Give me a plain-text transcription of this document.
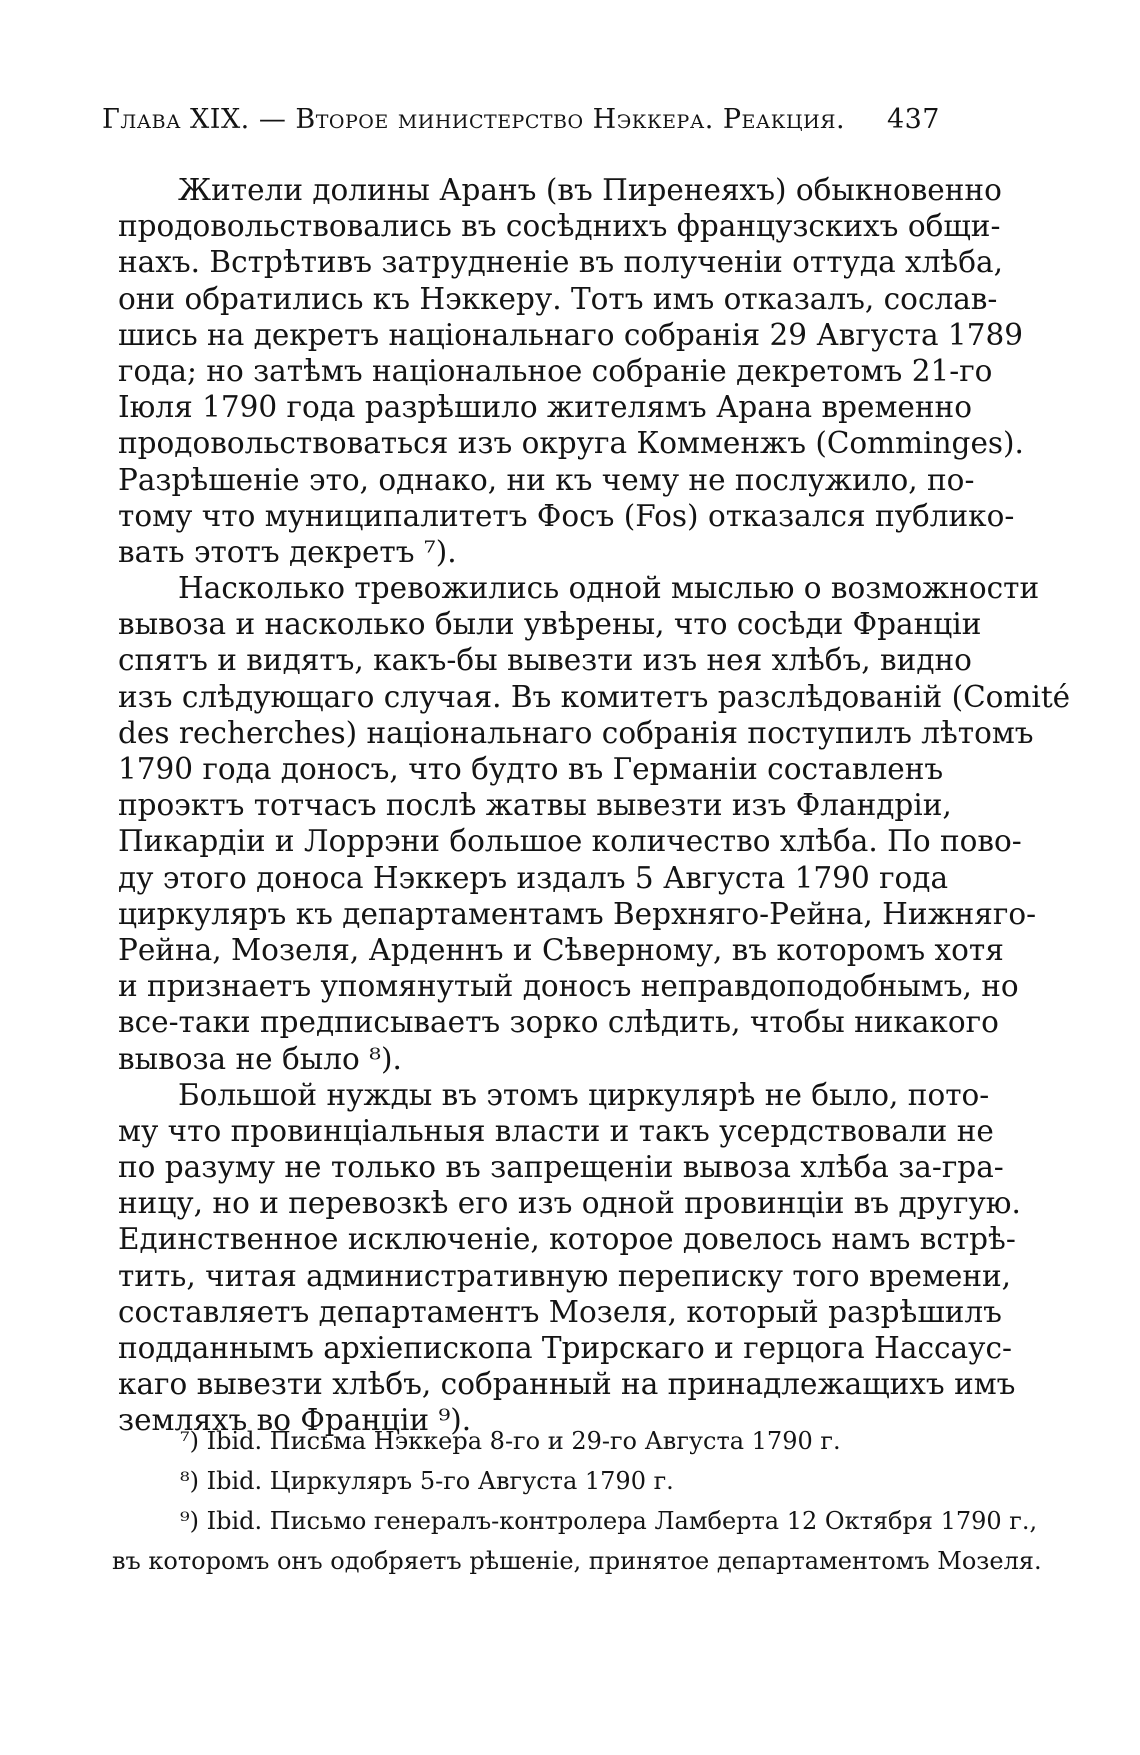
Глава XIX. — Второе министерство Нэккера. Реакция. 437
Жители долины Аранъ (въ Пиренеяхъ) обыкновенно
продовольствовались въ сосѣднихъ французскихъ общи-
нахъ. Встрѣтивъ затрудненіе въ полученіи оттуда хлѣба,
они обратились къ Нэккеру. Тотъ имъ отказалъ, сослав-
шись на декретъ національнаго собранія 29 Августа 1789
года; но затѣмъ національное собраніе декретомъ 21-го
Іюля 1790 года разрѣшило жителямъ Арана временно
продовольствоваться изъ округа Комменжъ (Comminges).
Разрѣшеніе это, однако, ни къ чему не послужило, по-
тому что муниципалитетъ Фосъ (Fos) отказался публико-
вать этотъ декретъ ⁷).
Насколько тревожились одной мыслью о возможности
вывоза и насколько были увѣрены, что сосѣди Франціи
спятъ и видятъ, какъ-бы вывезти изъ нея хлѣбъ, видно
изъ слѣдующаго случая. Въ комитетъ разслѣдованій (Comité
des recherches) національнаго собранія поступилъ лѣтомъ
1790 года доносъ, что будто въ Германіи составленъ
проэктъ тотчасъ послѣ жатвы вывезти изъ Фландріи,
Пикардіи и Лоррэни большое количество хлѣба. По пово-
ду этого доноса Нэккеръ издалъ 5 Августа 1790 года
циркуляръ къ департаментамъ Верхняго-Рейна, Нижняго-
Рейна, Мозеля, Арденнъ и Сѣверному, въ которомъ хотя
и признаетъ упомянутый доносъ неправдоподобнымъ, но
все-таки предписываетъ зорко слѣдить, чтобы никакого
вывоза не было ⁸).
Большой нужды въ этомъ циркулярѣ не было, пото-
му что провинціальныя власти и такъ усердствовали не
по разуму не только въ запрещеніи вывоза хлѣба за-гра-
ницу, но и перевозкѣ его изъ одной провинціи въ другую.
Единственное исключеніе, которое довелось намъ встрѣ-
тить, читая административную переписку того времени,
составляетъ департаментъ Мозеля, который разрѣшилъ
подданнымъ архіепископа Трирскаго и герцога Нассаус-
каго вывезти хлѣбъ, собранный на принадлежащихъ имъ
земляхъ во Франціи ⁹).
⁷) Ibid. Письма Нэккера 8-го и 29-го Августа 1790 г.
⁸) Ibid. Циркуляръ 5-го Августа 1790 г.
⁹) Ibid. Письмо генералъ-контролера Ламберта 12 Октября 1790 г.,
въ которомъ онъ одобряетъ рѣшеніе, принятое департаментомъ Мозеля.
